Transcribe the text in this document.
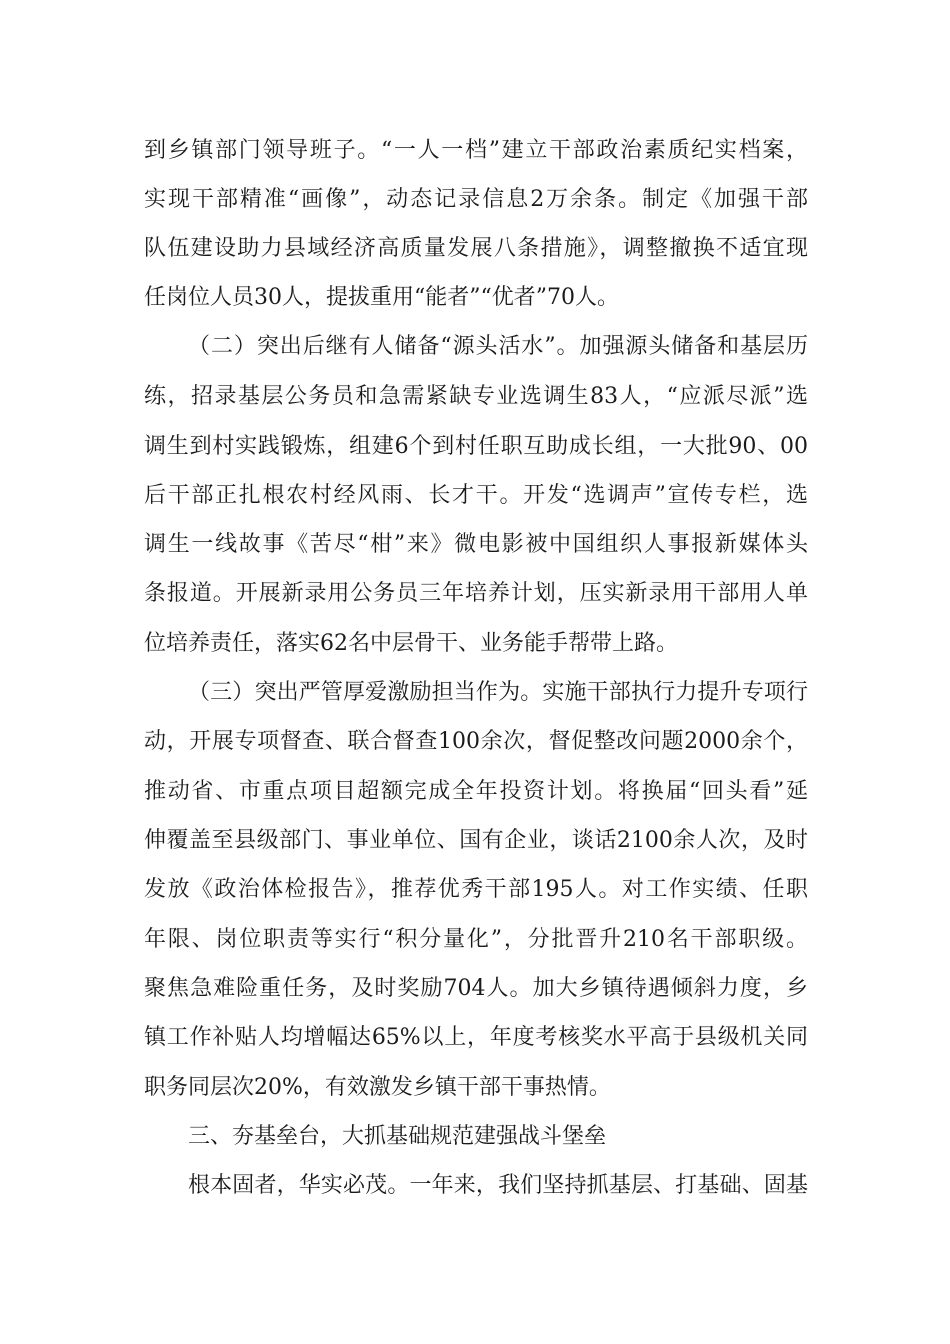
到乡镇部门领导班子。“一人一档”建立干部政治素质纪实档案，
实现干部精准“画像”，动态记录信息2万余条。制定《加强干部
队伍建设助力县域经济高质量发展八条措施》，调整撤换不适宜现
任岗位人员30人，提拔重用“能者”“优者”70人。
（二）突出后继有人储备“源头活水”。加强源头储备和基层历
练，招录基层公务员和急需紧缺专业选调生83人，“应派尽派”选
调生到村实践锻炼，组建6个到村任职互助成长组，一大批90、00
后干部正扎根农村经风雨、长才干。开发“选调声”宣传专栏，选
调生一线故事《苦尽“柑”来》微电影被中国组织人事报新媒体头
条报道。开展新录用公务员三年培养计划，压实新录用干部用人单
位培养责任，落实62名中层骨干、业务能手帮带上路。
（三）突出严管厚爱激励担当作为。实施干部执行力提升专项行
动，开展专项督查、联合督查100余次，督促整改问题2000余个，
推动省、市重点项目超额完成全年投资计划。将换届“回头看”延
伸覆盖至县级部门、事业单位、国有企业，谈话2100余人次，及时
发放《政治体检报告》，推荐优秀干部195人。对工作实绩、任职
年限、岗位职责等实行“积分量化”，分批晋升210名干部职级。
聚焦急难险重任务，及时奖励704人。加大乡镇待遇倾斜力度，乡
镇工作补贴人均增幅达65%以上，年度考核奖水平高于县级机关同
职务同层次20%，有效激发乡镇干部干事热情。
三、夯基垒台，大抓基础规范建强战斗堡垒
根本固者，华实必茂。一年来，我们坚持抓基层、打基础、固基
